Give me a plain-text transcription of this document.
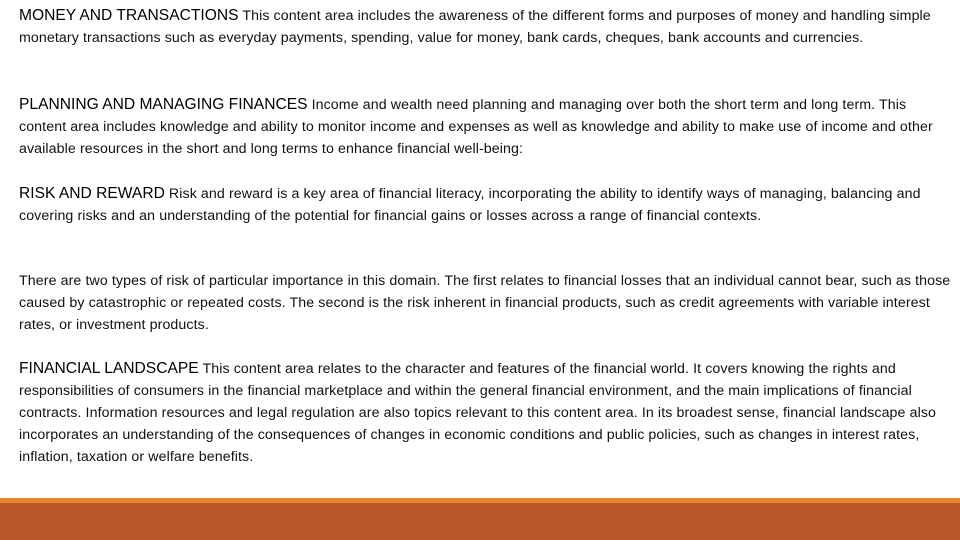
MONEY AND TRANSACTIONS This content area includes the awareness of the different forms and purposes of money and handling simple monetary transactions such as everyday payments, spending, value for money, bank cards, cheques, bank accounts and currencies.

PLANNING AND MANAGING FINANCES Income and wealth need planning and managing over both the short term and long term. This content area includes knowledge and ability to monitor income and expenses as well as knowledge and ability to make use of income and other available resources in the short and long terms to enhance financial well-being:

RISK AND REWARD Risk and reward is a key area of financial literacy, incorporating the ability to identify ways of managing, balancing and covering risks and an understanding of the potential for financial gains or losses across a range of financial contexts.

There are two types of risk of particular importance in this domain. The first relates to financial losses that an individual cannot bear, such as those caused by catastrophic or repeated costs. The second is the risk inherent in financial products, such as credit agreements with variable interest rates, or investment products.

FINANCIAL LANDSCAPE This content area relates to the character and features of the financial world. It covers knowing the rights and responsibilities of consumers in the financial marketplace and within the general financial environment, and the main implications of financial contracts. Information resources and legal regulation are also topics relevant to this content area. In its broadest sense, financial landscape also incorporates an understanding of the consequences of changes in economic conditions and public policies, such as changes in interest rates, inflation, taxation or welfare benefits.
